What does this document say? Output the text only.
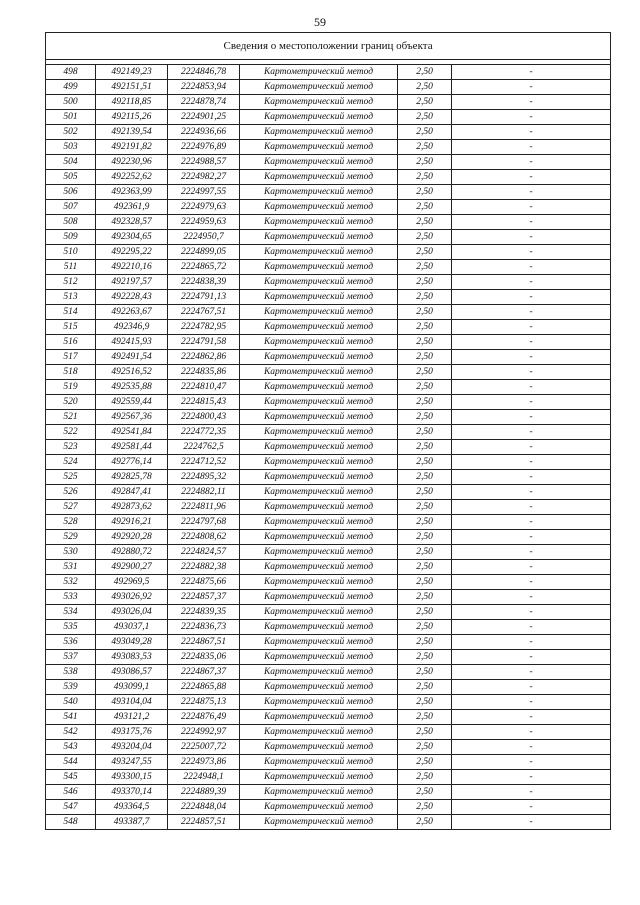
59
Сведения о местоположении границ объекта					

498	492149,23	2224846,78	Картометрический метод	2,50	-
499	492151,51	2224853,94	Картометрический метод	2,50	-
500	492118,85	2224878,74	Картометрический метод	2,50	-
501	492115,26	2224901,25	Картометрический метод	2,50	-
502	492139,54	2224936,66	Картометрический метод	2,50	-
503	492191,82	2224976,89	Картометрический метод	2,50	-
504	492230,96	2224988,57	Картометрический метод	2,50	-
505	492252,62	2224982,27	Картометрический метод	2,50	-
506	492363,99	2224997,55	Картометрический метод	2,50	-
507	492361,9	2224979,63	Картометрический метод	2,50	-
508	492328,57	2224959,63	Картометрический метод	2,50	-
509	492304,65	2224950,7	Картометрический метод	2,50	-
510	492295,22	2224899,05	Картометрический метод	2,50	-
511	492210,16	2224865,72	Картометрический метод	2,50	-
512	492197,57	2224838,39	Картометрический метод	2,50	-
513	492228,43	2224791,13	Картометрический метод	2,50	-
514	492263,67	2224767,51	Картометрический метод	2,50	-
515	492346,9	2224782,95	Картометрический метод	2,50	-
516	492415,93	2224791,58	Картометрический метод	2,50	-
517	492491,54	2224862,86	Картометрический метод	2,50	-
518	492516,52	2224835,86	Картометрический метод	2,50	-
519	492535,88	2224810,47	Картометрический метод	2,50	-
520	492559,44	2224815,43	Картометрический метод	2,50	-
521	492567,36	2224800,43	Картометрический метод	2,50	-
522	492541,84	2224772,35	Картометрический метод	2,50	-
523	492581,44	2224762,5	Картометрический метод	2,50	-
524	492776,14	2224712,52	Картометрический метод	2,50	-
525	492825,78	2224895,32	Картометрический метод	2,50	-
526	492847,41	2224882,11	Картометрический метод	2,50	-
527	492873,62	2224811,96	Картометрический метод	2,50	-
528	492916,21	2224797,68	Картометрический метод	2,50	-
529	492920,28	2224808,62	Картометрический метод	2,50	-
530	492880,72	2224824,57	Картометрический метод	2,50	-
531	492900,27	2224882,38	Картометрический метод	2,50	-
532	492969,5	2224875,66	Картометрический метод	2,50	-
533	493026,92	2224857,37	Картометрический метод	2,50	-
534	493026,04	2224839,35	Картометрический метод	2,50	-
535	493037,1	2224836,73	Картометрический метод	2,50	-
536	493049,28	2224867,51	Картометрический метод	2,50	-
537	493083,53	2224835,06	Картометрический метод	2,50	-
538	493086,57	2224867,37	Картометрический метод	2,50	-
539	493099,1	2224865,88	Картометрический метод	2,50	-
540	493104,04	2224875,13	Картометрический метод	2,50	-
541	493121,2	2224876,49	Картометрический метод	2,50	-
542	493175,76	2224992,97	Картометрический метод	2,50	-
543	493204,04	2225007,72	Картометрический метод	2,50	-
544	493247,55	2224973,86	Картометрический метод	2,50	-
545	493300,15	2224948,1	Картометрический метод	2,50	-
546	493370,14	2224889,39	Картометрический метод	2,50	-
547	493364,5	2224848,04	Картометрический метод	2,50	-
548	493387,7	2224857,51	Картометрический метод	2,50	-
